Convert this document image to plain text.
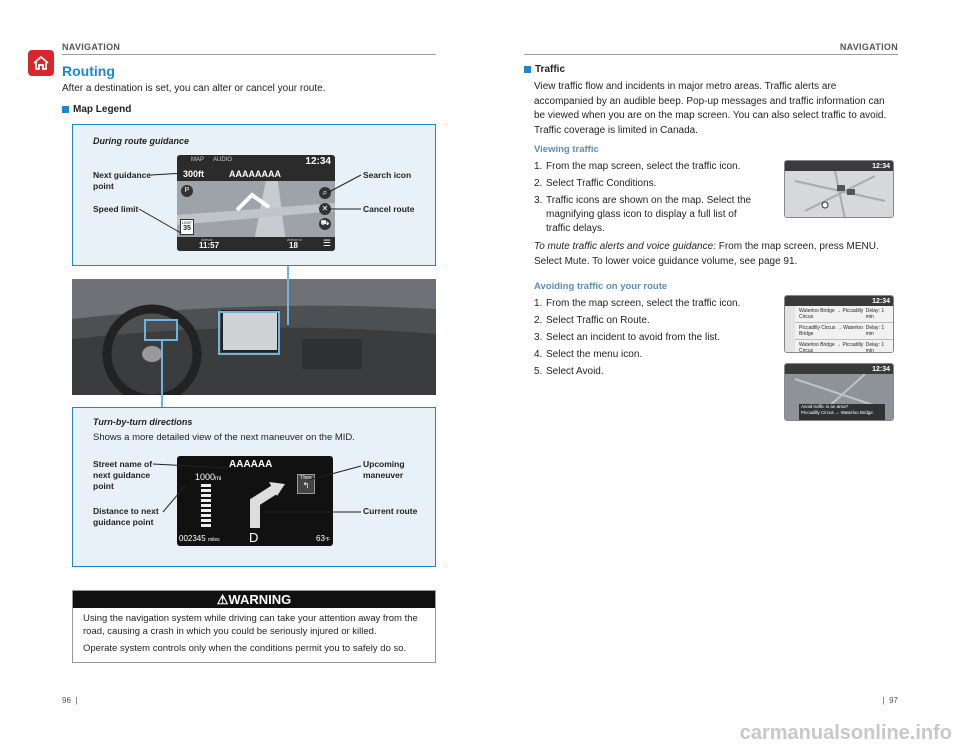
NAVIGATION
Routing
After a destination is set, you can alter or cancel your route.
Map Legend
During route guidance
Next guidance point
Speed limit
Search icon
Cancel route
MAP AUDIO	12:34
300ft	AAAAAAAA
P
LIMIT
35
⌕
✕
⛟
Arrival
11:57
Arrive in
18	☰
Turn-by-turn directions
Shows a more detailed view of the next maneuver on the MID.
Street name of next guidance point
Distance to next guidance point
Upcoming maneuver
Current route
AAAAAA
1000mi	Then
↰
002345 miles D	63°F
⚠WARNING
Using the navigation system while driving can take your attention away from the road, causing a crash in which you could be seriously injured or killed.
Operate system controls only when the conditions permit you to safely do so.
96  |
NAVIGATION
Traffic
View traffic flow and incidents in major metro areas. Traffic alerts are accompanied by an audible beep. Pop-up messages and traffic information can be viewed when you are on the map screen. You can also select traffic to avoid. Traffic coverage is limited in Canada.
Viewing traffic
1. From the map screen, select the traffic icon.
2. Select Traffic Conditions.
3. Traffic icons are shown on the map. Select the magnifying glass icon to display a full list of traffic delays.
12:34
To mute traffic alerts and voice guidance: From the map screen, press MENU. Select Mute. To lower voice guidance volume, see page 91.
Avoiding traffic on your route
1. From the map screen, select the traffic icon.
2. Select Traffic on Route.
3. Select an incident to avoid from the list.
4. Select the menu icon.
5. Select Avoid.
12:34
Waterloo Bridge → Piccadilly Circus
Delay: 1 min
Piccadilly Circus → Waterloo Bridge
Delay: 1 min
Waterloo Bridge → Piccadilly Circus
Delay: 1 min
12:34
Avoid traffic in an area?
Piccadilly Circus → Waterloo Bridge
|  97
carmanualsonline.info
